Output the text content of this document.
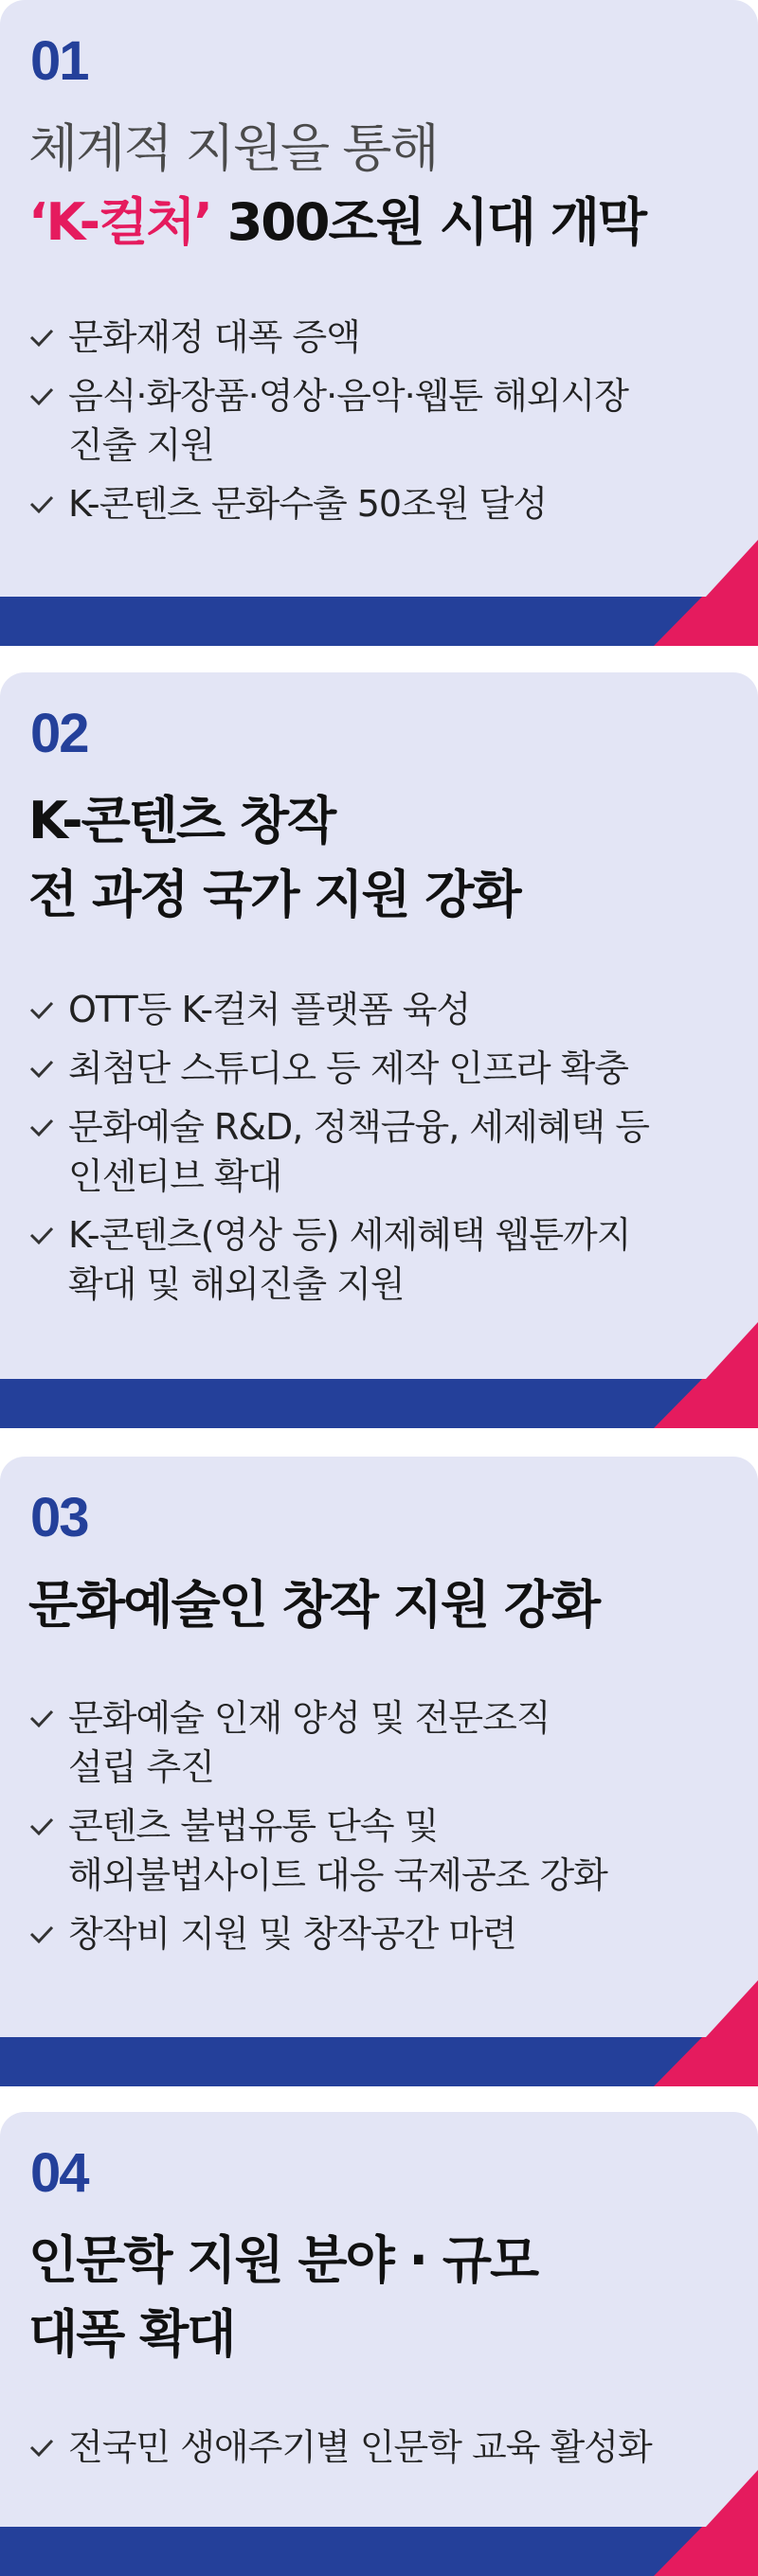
01
체계적 지원을 통해
‘K-컬처’ 300조원 시대 개막
문화재정 대폭 증액
음식·화장품·영상·음악·웹툰 해외시장
진출 지원
K-콘텐츠 문화수출 50조원 달성
02
K-콘텐츠 창작
전 과정 국가 지원 강화
OTT등 K-컬처 플랫폼 육성
최첨단 스튜디오 등 제작 인프라 확충
문화예술 R&D, 정책금융, 세제혜택 등
인센티브 확대
K-콘텐츠(영상 등) 세제혜택 웹툰까지
확대 및 해외진출 지원
03
문화예술인 창작 지원 강화
문화예술 인재 양성 및 전문조직
설립 추진
콘텐츠 불법유통 단속 및
해외불법사이트 대응 국제공조 강화
창작비 지원 및 창작공간 마련
04
인문학 지원 분야 · 규모
대폭 확대
전국민 생애주기별 인문학 교육 활성화
